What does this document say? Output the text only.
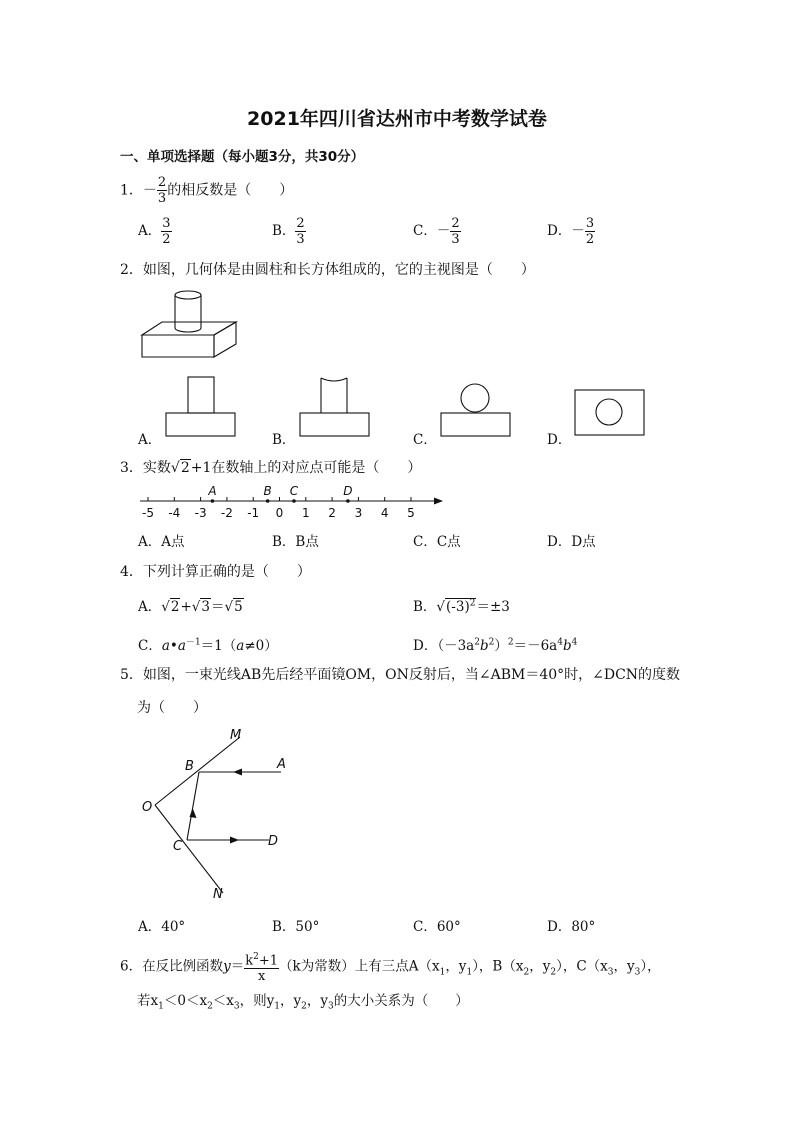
2021年四川省达州市中考数学试卷
一、单项选择题（每小题3分，共30分）
1．－ $\frac{2}{3}$ 的相反数是（　　）
A． $\frac{3}{2}$	B． $\frac{2}{3}$	C．－ $\frac{2}{3}$	D．－ $\frac{3}{2}$
2．如图，几何体是由圆柱和长方体组成的，它的主视图是（　　）
A．	B．	C．	D．
3．实数√2+1在数轴上的对应点可能是（　　）
-5 -4 -3 -2 -1 0 1 2 3 4 5
A	B C	D
A．A点	B．B点	C．C点	D．D点
4．下列计算正确的是（　　）
A．√2+√3＝√5	B．$√(-3)^2=\pm 3$
C．$a•a^{-1}=1(a\ne 0)$	D．$(-3a^2b^2)^2=-6a^4b^4$
5．如图，一束光线AB先后经平面镜OM，ON反射后，当∠ABM＝40°时，∠DCN的度数
为（　　）
M
A
B
O
C	D
N
A．40°	B．50°	C．60°	D．80°
6．在反比例函数$y= \frac{k^2+1}{x} (k$为常数）上有三点$A(x_1$，$y_1$），$B(x_2$，$y_2$），$C(x_3$，$y_3$），
若$x_1<0<x_2<x_3$，则$y_1$，$y_2$，$y_3$的大小关系为（　　）
